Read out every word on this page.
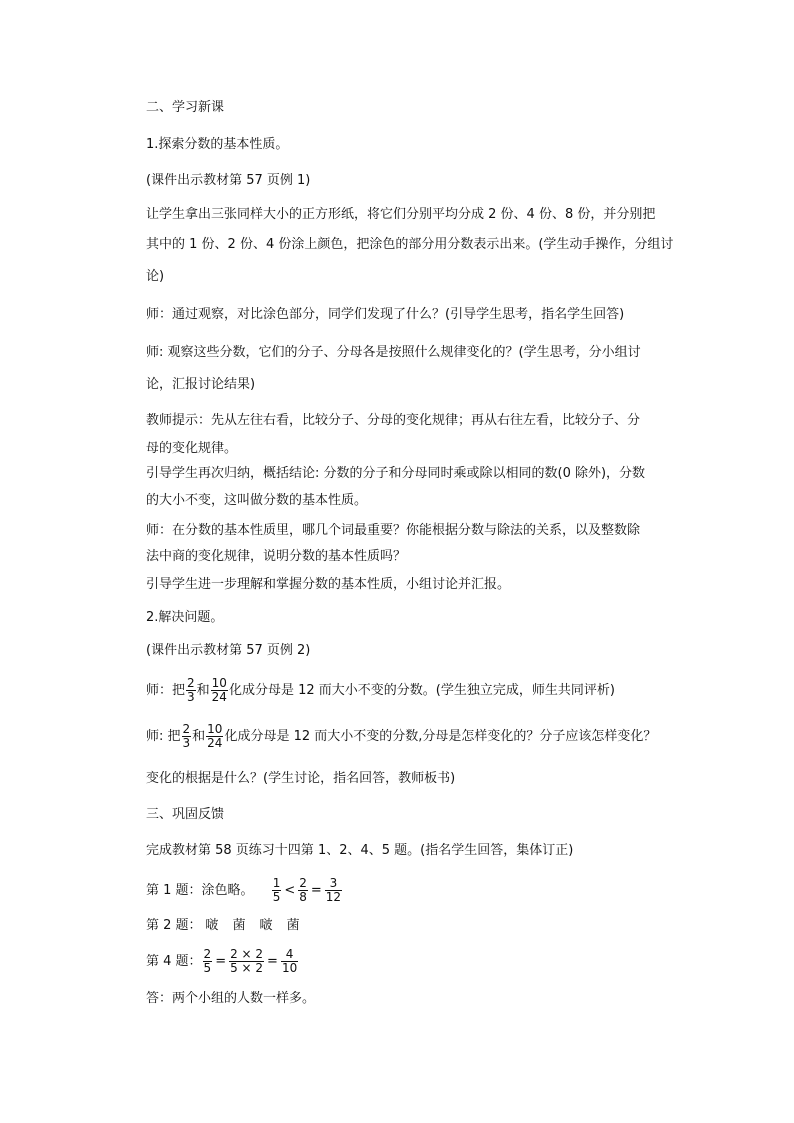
二、学习新课
1.探索分数的基本性质。
(课件出示教材第 57 页例 1)
让学生拿出三张同样大小的正方形纸，将它们分别平均分成 2 份、4 份、8 份，并分别把
其中的 1 份、2 份、4 份涂上颜色，把涂色的部分用分数表示出来。(学生动手操作，分组讨
论)
师：通过观察，对比涂色部分，同学们发现了什么？(引导学生思考，指名学生回答)
师: 观察这些分数，它们的分子、分母各是按照什么规律变化的？(学生思考，分小组讨
论，汇报讨论结果)
教师提示：先从左往右看，比较分子、分母的变化规律；再从右往左看，比较分子、分
母的变化规律。
引导学生再次归纳，概括结论: 分数的分子和分母同时乘或除以相同的数(0 除外)，分数
的大小不变，这叫做分数的基本性质。
师：在分数的基本性质里，哪几个词最重要？你能根据分数与除法的关系，以及整数除
法中商的变化规律，说明分数的基本性质吗？
引导学生进一步理解和掌握分数的基本性质，小组讨论并汇报。
2.解决问题。
(课件出示教材第 57 页例 2)
师：把 $\frac{2}{3}$ 和 $\frac{10}{24}$ 化成分母是 12 而大小不变的分数。(学生独立完成，师生共同评析)
师: 把 $\frac{2}{3}$ 和 $\frac{10}{24}$ 化成分母是 12 而大小不变的分数,分母是怎样变化的？分子应该怎样变化？
变化的根据是什么？(学生讨论，指名回答，教师板书)
三、巩固反馈
完成教材第 58 页练习十四第 1、2、4、5 题。(指名学生回答，集体订正)
第 1 题：涂色略。 $\frac{1}{5} < \frac{2}{8} = \frac{3}{12}$
第 2 题： 啵 菌 啵 菌
第 4 题： $\frac{2}{5} = \frac{2 \times 2}{5 \times 2} = \frac{4}{10}$
答：两个小组的人数一样多。
